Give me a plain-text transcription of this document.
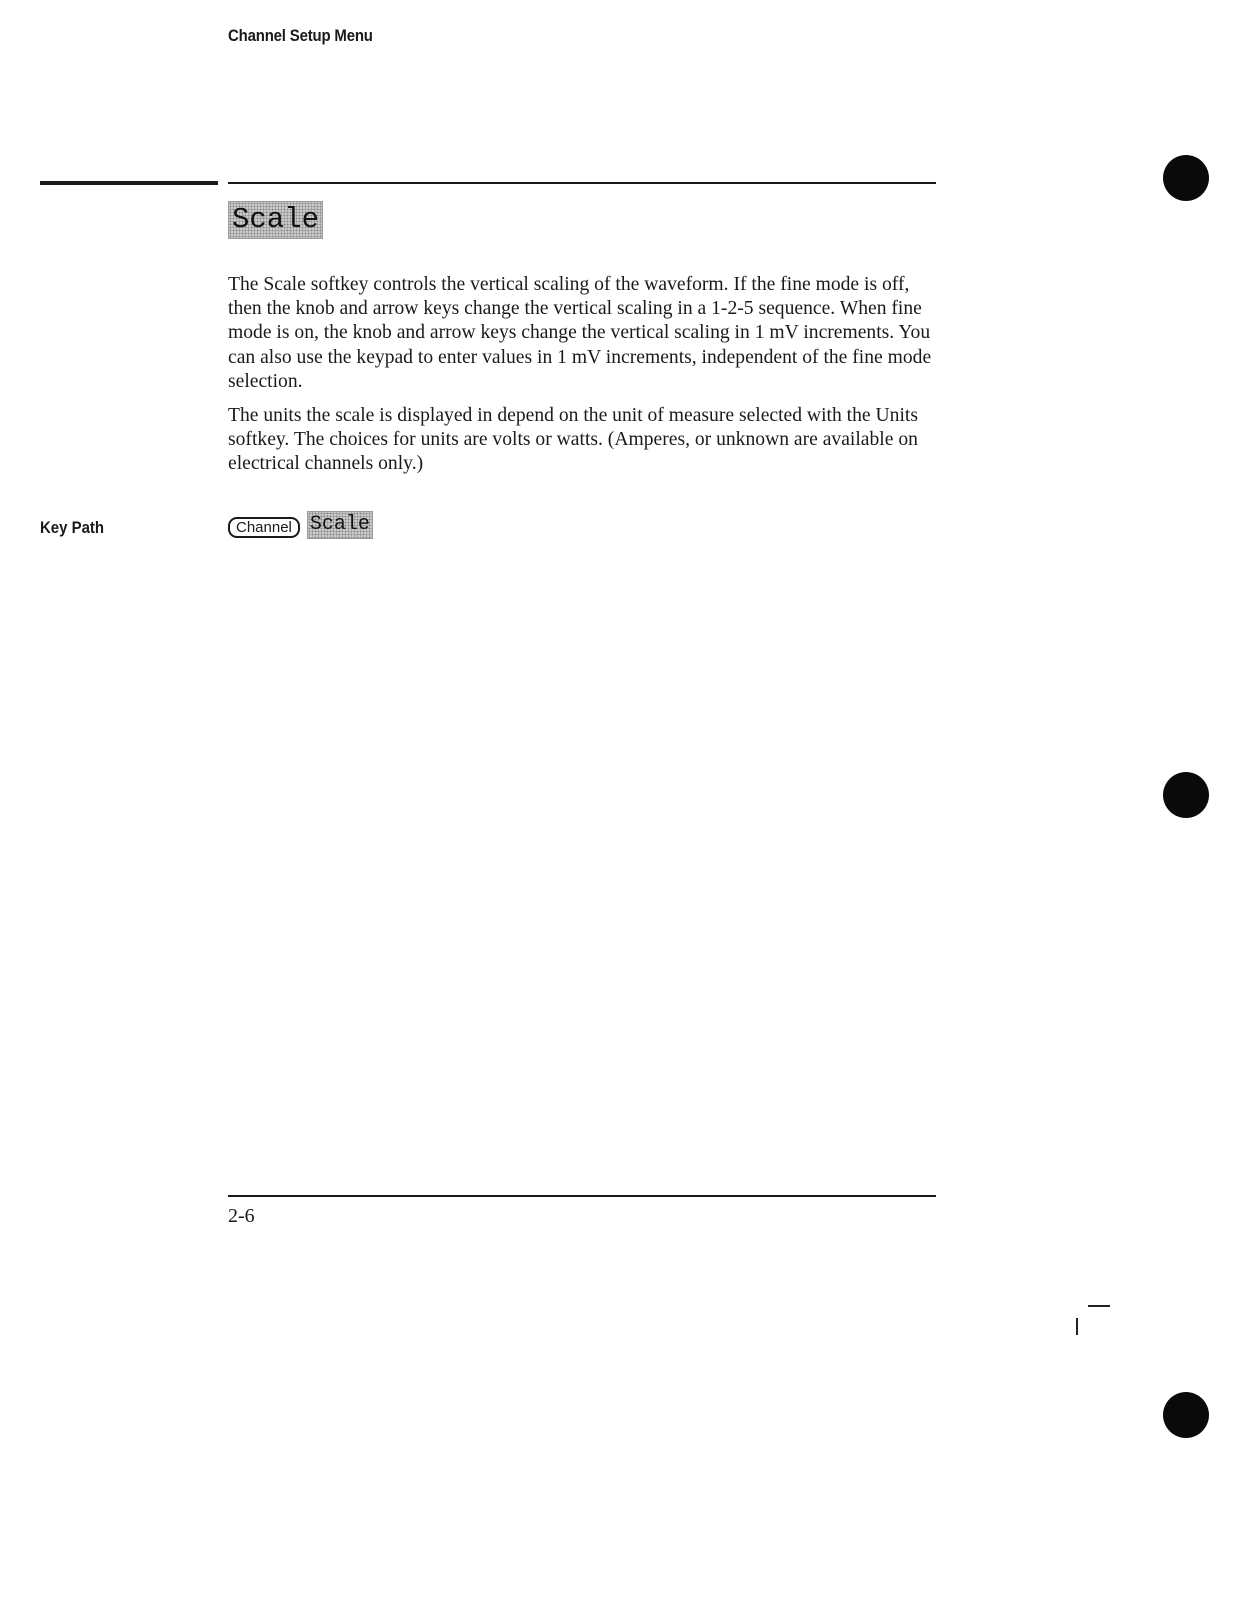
Channel Setup Menu
Scale

The Scale softkey controls the vertical scaling of the waveform. If the fine mode is off, then the knob and arrow keys change the vertical scaling in a 1-2-5 sequence. When fine mode is on, the knob and arrow keys change the vertical scaling in 1 mV increments. You can also use the keypad to enter values in 1 mV increments, independent of the fine mode selection.

The units the scale is displayed in depend on the unit of measure selected with the Units softkey. The choices for units are volts or watts. (Amperes, or unknown are available on electrical channels only.)

Key Path	Channel Scale
2-6
